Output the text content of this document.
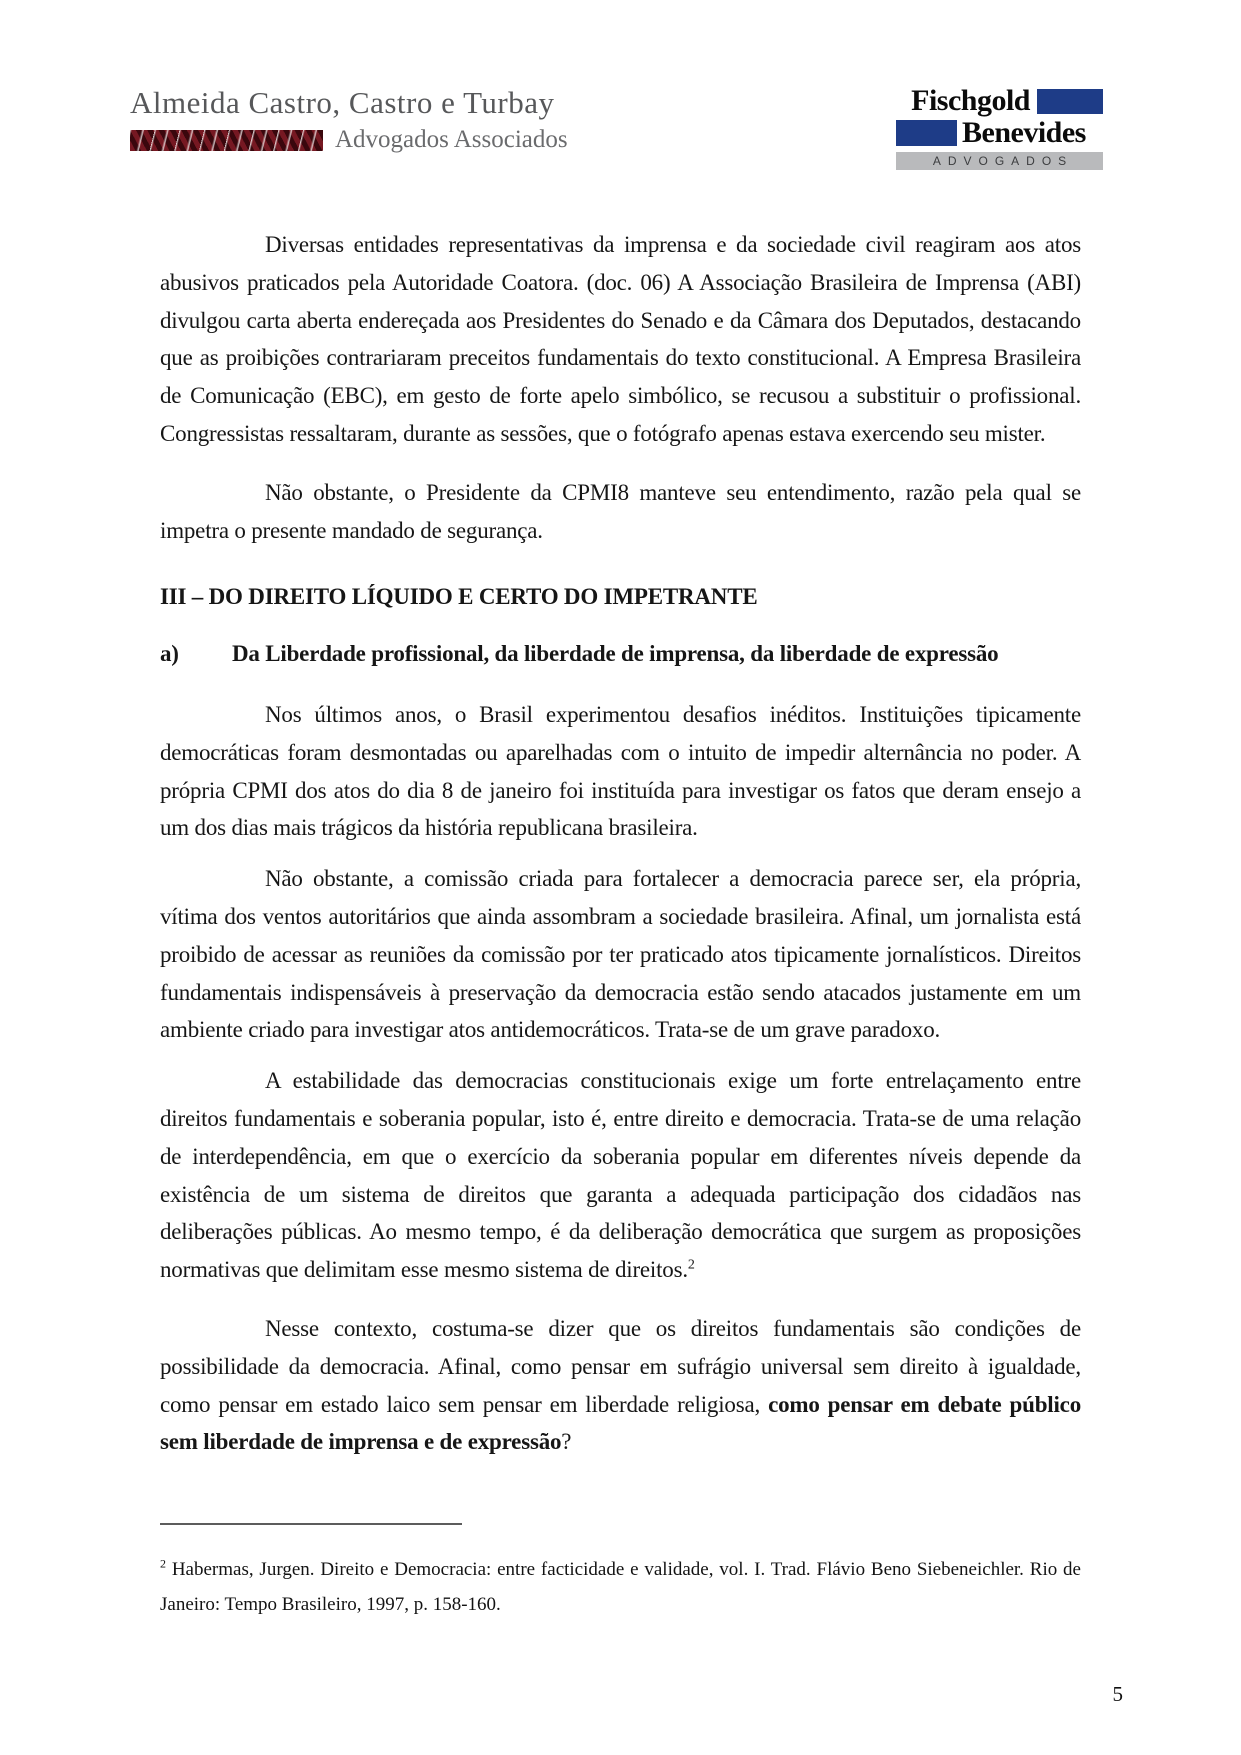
Almeida Castro, Castro e Turbay
Advogados Associados
Fischgold
Benevides
ADVOGADOS

Diversas entidades representativas da imprensa e da sociedade civil reagiram aos atos abusivos praticados pela Autoridade Coatora. (doc. 06) A Associação Brasileira de Imprensa (ABI) divulgou carta aberta endereçada aos Presidentes do Senado e da Câmara dos Deputados, destacando que as proibições contrariaram preceitos fundamentais do texto constitucional. A Empresa Brasileira de Comunicação (EBC), em gesto de forte apelo simbólico, se recusou a substituir o profissional. Congressistas ressaltaram, durante as sessões, que o fotógrafo apenas estava exercendo seu mister.

Não obstante, o Presidente da CPMI8 manteve seu entendimento, razão pela qual se impetra o presente mandado de segurança.

III – DO DIREITO LÍQUIDO E CERTO DO IMPETRANTE
a)	Da Liberdade profissional, da liberdade de imprensa, da liberdade de expressão

Nos últimos anos, o Brasil experimentou desafios inéditos. Instituições tipicamente democráticas foram desmontadas ou aparelhadas com o intuito de impedir alternância no poder. A própria CPMI dos atos do dia 8 de janeiro foi instituída para investigar os fatos que deram ensejo a um dos dias mais trágicos da história republicana brasileira.

Não obstante, a comissão criada para fortalecer a democracia parece ser, ela própria, vítima dos ventos autoritários que ainda assombram a sociedade brasileira. Afinal, um jornalista está proibido de acessar as reuniões da comissão por ter praticado atos tipicamente jornalísticos. Direitos fundamentais indispensáveis à preservação da democracia estão sendo atacados justamente em um ambiente criado para investigar atos antidemocráticos. Trata-se de um grave paradoxo.

A estabilidade das democracias constitucionais exige um forte entrelaçamento entre direitos fundamentais e soberania popular, isto é, entre direito e democracia. Trata-se de uma relação de interdependência, em que o exercício da soberania popular em diferentes níveis depende da existência de um sistema de direitos que garanta a adequada participação dos cidadãos nas deliberações públicas. Ao mesmo tempo, é da deliberação democrática que surgem as proposições normativas que delimitam esse mesmo sistema de direitos.$^2$

Nesse contexto, costuma-se dizer que os direitos fundamentais são condições de possibilidade da democracia. Afinal, como pensar em sufrágio universal sem direito à igualdade, como pensar em estado laico sem pensar em liberdade religiosa, como pensar em debate público sem liberdade de imprensa e de expressão?

$^2$ Habermas, Jurgen. Direito e Democracia: entre facticidade e validade, vol. I. Trad. Flávio Beno Siebeneichler. Rio de Janeiro: Tempo Brasileiro, 1997, p. 158-160.
5
